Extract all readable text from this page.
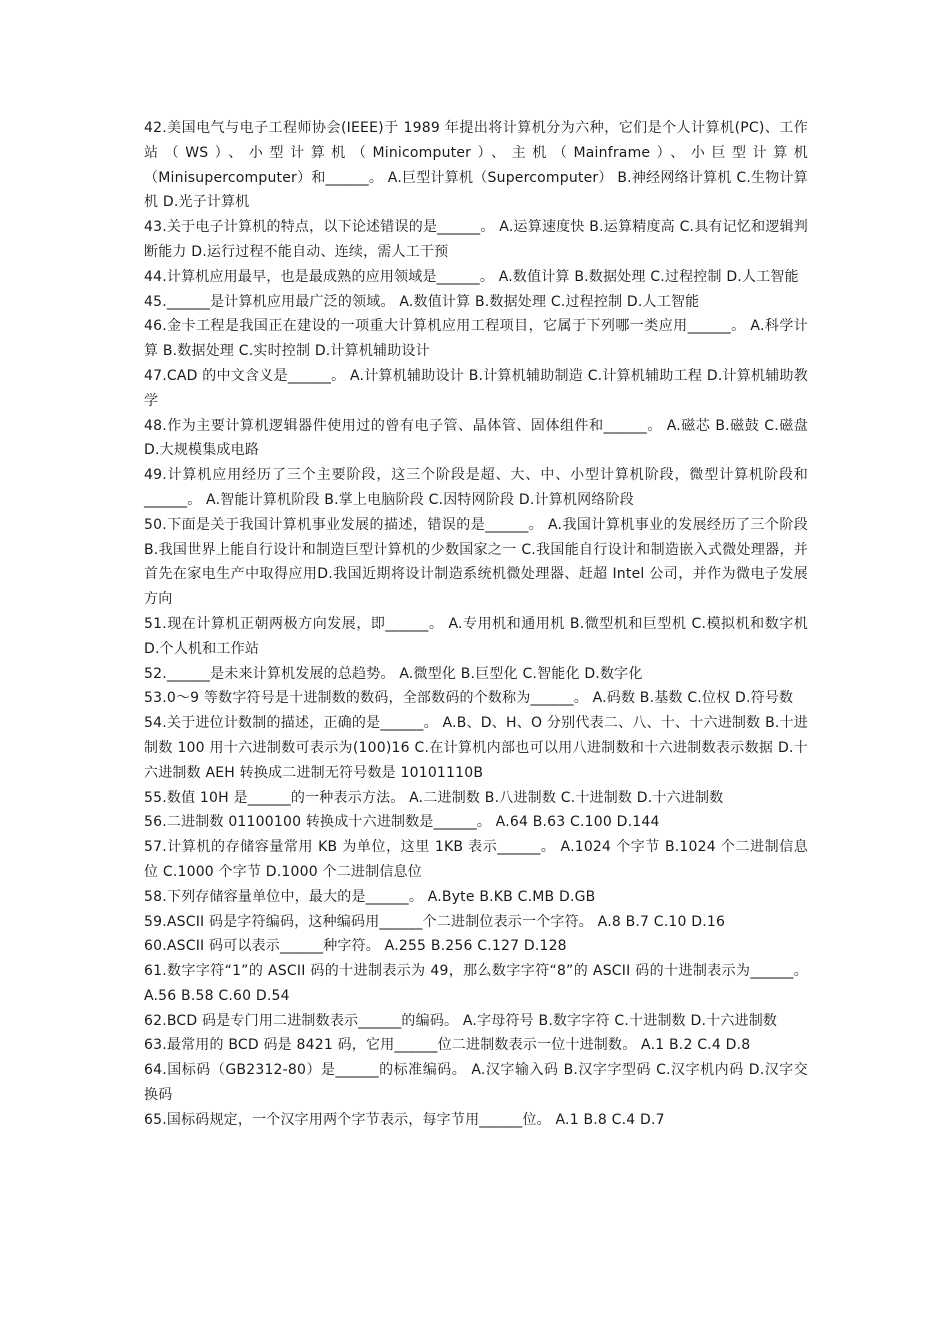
42.美国电气与电子工程师协会(IEEE)于 1989 年提出将计算机分为六种，它们是个人计算机(PC)、工作站（WS）、小型计算机（Minicomputer）、主机（Mainframe）、小巨型计算机（Minisupercomputer）和______。 A.巨型计算机（Supercomputer） B.神经网络计算机 C.生物计算机 D.光子计算机

43.关于电子计算机的特点，以下论述错误的是______。 A.运算速度快 B.运算精度高 C.具有记忆和逻辑判断能力 D.运行过程不能自动、连续，需人工干预

44.计算机应用最早，也是最成熟的应用领域是______。 A.数值计算 B.数据处理 C.过程控制 D.人工智能

45.______是计算机应用最广泛的领域。 A.数值计算 B.数据处理 C.过程控制 D.人工智能

46.金卡工程是我国正在建设的一项重大计算机应用工程项目，它属于下列哪一类应用______。 A.科学计算 B.数据处理 C.实时控制 D.计算机辅助设计

47.CAD 的中文含义是______。 A.计算机辅助设计 B.计算机辅助制造 C.计算机辅助工程 D.计算机辅助教学

48.作为主要计算机逻辑器件使用过的曾有电子管、晶体管、固体组件和______。 A.磁芯 B.磁鼓 C.磁盘 D.大规模集成电路

49.计算机应用经历了三个主要阶段，这三个阶段是超、大、中、小型计算机阶段，微型计算机阶段和______。 A.智能计算机阶段 B.掌上电脑阶段 C.因特网阶段 D.计算机网络阶段

50.下面是关于我国计算机事业发展的描述，错误的是______。 A.我国计算机事业的发展经历了三个阶段 B.我国世界上能自行设计和制造巨型计算机的少数国家之一 C.我国能自行设计和制造嵌入式微处理器，并首先在家电生产中取得应用D.我国近期将设计制造系统机微处理器、赶超 Intel 公司，并作为微电子发展方向

51.现在计算机正朝两极方向发展，即______。 A.专用机和通用机 B.微型机和巨型机 C.模拟机和数字机 D.个人机和工作站

52.______是未来计算机发展的总趋势。 A.微型化 B.巨型化 C.智能化 D.数字化

53.0～9 等数字符号是十进制数的数码，全部数码的个数称为______。 A.码数 B.基数 C.位权 D.符号数

54.关于进位计数制的描述，正确的是______。 A.B、D、H、O 分别代表二、八、十、十六进制数 B.十进制数 100 用十六进制数可表示为(100)16 C.在计算机内部也可以用八进制数和十六进制数表示数据 D.十六进制数 AEH 转换成二进制无符号数是 10101110B

55.数值 10H 是______的一种表示方法。 A.二进制数 B.八进制数 C.十进制数 D.十六进制数

56.二进制数 01100100 转换成十六进制数是______。 A.64 B.63 C.100 D.144

57.计算机的存储容量常用 KB 为单位，这里 1KB 表示______。 A.1024 个字节 B.1024 个二进制信息位 C.1000 个字节 D.1000 个二进制信息位

58.下列存储容量单位中，最大的是______。 A.Byte B.KB C.MB D.GB

59.ASCII 码是字符编码，这种编码用______个二进制位表示一个字符。 A.8 B.7 C.10 D.16

60.ASCII 码可以表示______种字符。 A.255 B.256 C.127 D.128

61.数字字符“1”的 ASCII 码的十进制表示为 49，那么数字字符“8”的 ASCII 码的十进制表示为______。 A.56 B.58 C.60 D.54

62.BCD 码是专门用二进制数表示______的编码。 A.字母符号 B.数字字符 C.十进制数 D.十六进制数

63.最常用的 BCD 码是 8421 码，它用______位二进制数表示一位十进制数。 A.1 B.2 C.4 D.8

64.国标码（GB2312-80）是______的标准编码。 A.汉字输入码 B.汉字字型码 C.汉字机内码 D.汉字交换码

65.国标码规定，一个汉字用两个字节表示，每字节用______位。 A.1 B.8 C.4 D.7
